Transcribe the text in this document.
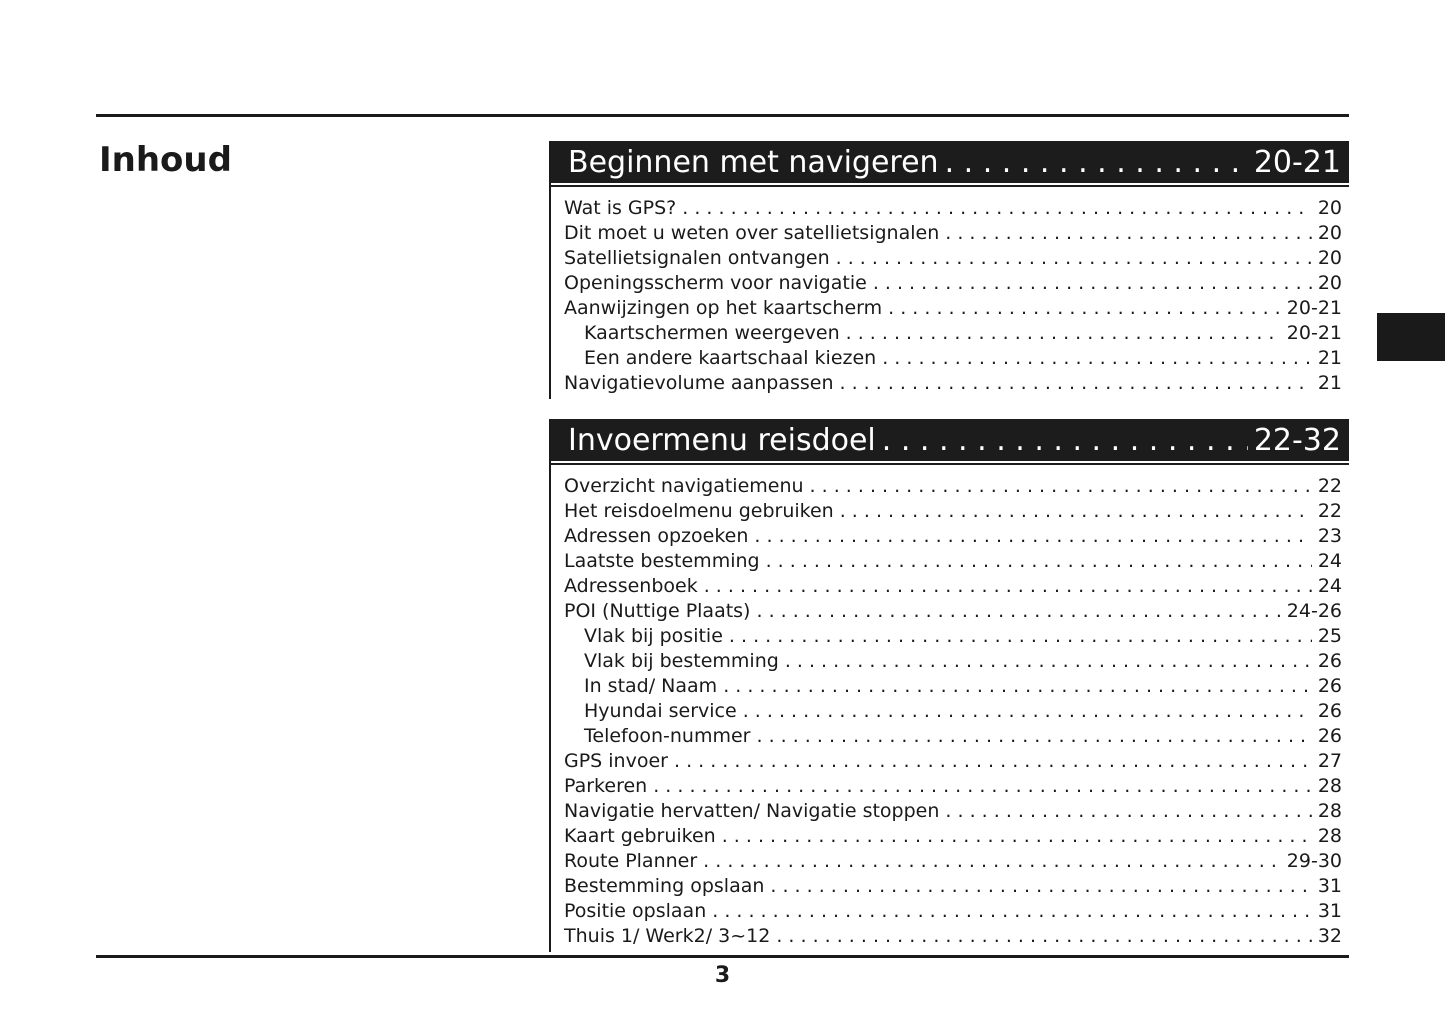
Inhoud	Beginnen met navigeren . . .	20-21
Wat is GPS? . . .	20
Dit moet u weten over satellietsignalen . . .	20
Satellietsignalen ontvangen . . .	20
Openingsscherm voor navigatie . . .	20
Aanwijzingen op het kaartscherm . . .	20-21
Kaartschermen weergeven . . .	20-21
Een andere kaartschaal kiezen . . .	21
Navigatievolume aanpassen . . .	21
Invoermenu reisdoel . . .	22-32
Overzicht navigatiemenu . . .	22
Het reisdoelmenu gebruiken . . .	22
Adressen opzoeken . . .	23
Laatste bestemming . . .	24
Adressenboek . . .	24
POI (Nuttige Plaats) . . .	24-26
Vlak bij positie . . .	25
Vlak bij bestemming . . .	26
In stad/ Naam . . .	26
Hyundai service . . .	26
Telefoon-nummer . . .	26
GPS invoer . . .	27
Parkeren . . .	28
Navigatie hervatten/ Navigatie stoppen . . .	28
Kaart gebruiken . . .	28
Route Planner . . .	29-30
Bestemming opslaan . . .	31
Positie opslaan . . .	31
Thuis 1/ Werk2/ 3~12 . . .	32
3
